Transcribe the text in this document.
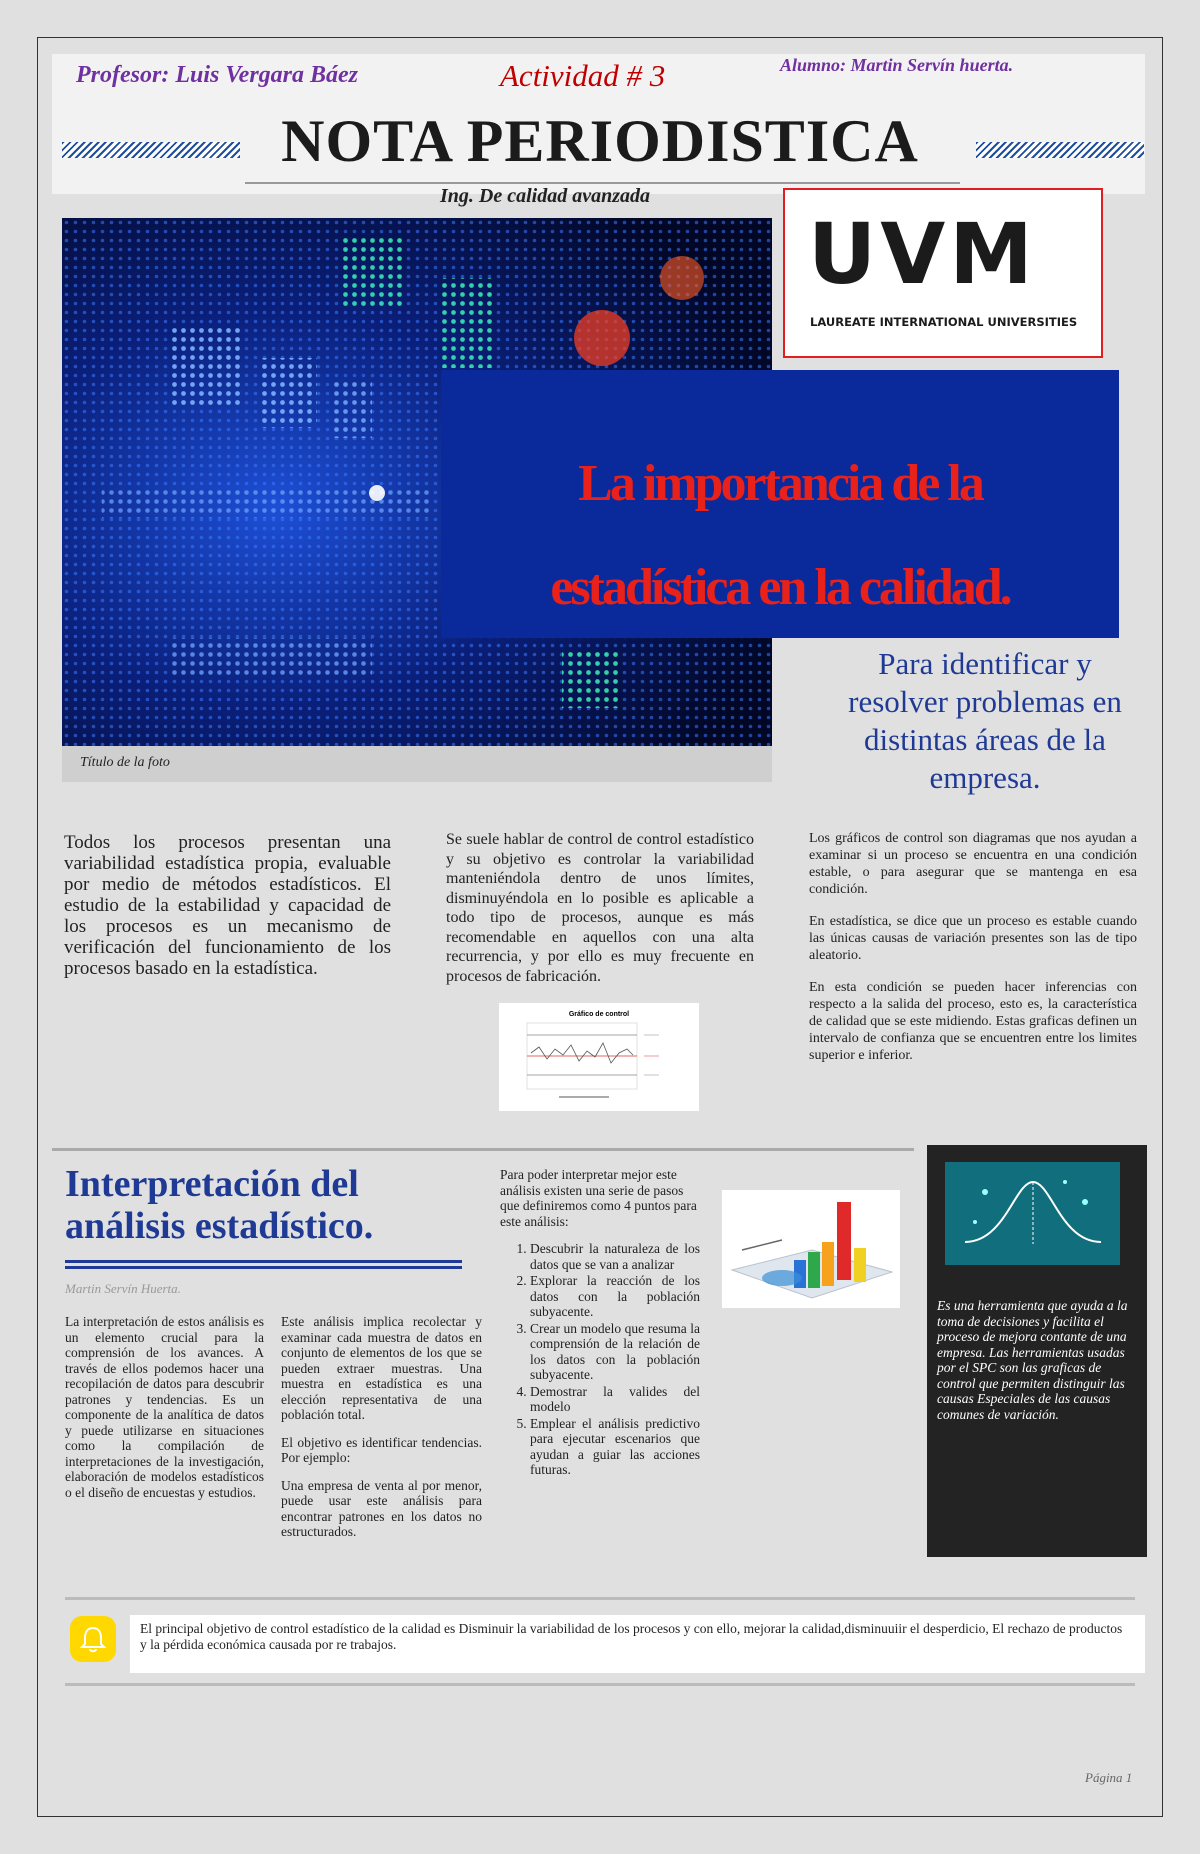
Profesor: Luis Vergara Báez	Actividad # 3	Alumno: Martin Servín huerta.
NOTA PERIODISTICA
Ing. De calidad avanzada
Título de la foto
UVM
LAUREATE INTERNATIONAL UNIVERSITIES
La importancia de la
estadística en la calidad.
Para identificar y resolver problemas en distintas áreas de la empresa.
Todos los procesos presentan una variabilidad estadística propia, evaluable por medio de métodos estadísticos. El estudio de la estabilidad y capacidad de los procesos es un mecanismo de verificación del funcionamiento de los procesos basado en la estadística.
Se suele hablar de control de control estadístico y su objetivo es controlar la variabilidad manteniéndola dentro de unos límites, disminuyéndola en lo posible es aplicable a todo tipo de procesos, aunque es más recomendable en aquellos con una alta recurrencia, y por ello es muy frecuente en procesos de fabricación.

Los gráficos de control son diagramas que nos ayudan a examinar si un proceso se encuentra en una condición estable, o para asegurar que se mantenga en esa condición.

En estadística, se dice que un proceso es estable cuando las únicas causas de variación presentes son las de tipo aleatorio.

En esta condición se pueden hacer inferencias con respecto a la salida del proceso, esto es, la característica de calidad que se este midiendo. Estas graficas definen un intervalo de confianza que se encuentren entre los limites superior e inferior.

Gráfico de control
Interpretación del análisis estadístico.
Martin Servín Huerta.
La interpretación de estos análisis es un elemento crucial para la comprensión de los avances. A través de ellos podemos hacer una recopilación de datos para descubrir patrones y tendencias. Es un componente de la analítica de datos y puede utilizarse en situaciones como la compilación de interpretaciones de la investigación, elaboración de modelos estadísticos o el diseño de encuestas y estudios.

Este análisis implica recolectar y examinar cada muestra de datos en conjunto de elementos de los que se pueden extraer muestras. Una muestra en estadística es una elección representativa de una población total.

El objetivo es identificar tendencias. Por ejemplo:

Una empresa de venta al por menor, puede usar este análisis para encontrar patrones en los datos no estructurados.

Para poder interpretar mejor este análisis existen una serie de pasos que definiremos como 4 puntos para este análisis:
1. Descubrir la naturaleza de los datos que se van a analizar
2. Explorar la reacción de los datos con la población subyacente.
3. Crear un modelo que resuma la comprensión de la relación de los datos con la población subyacente.
4. Demostrar la valides del modelo
5. Emplear el análisis predictivo para ejecutar escenarios que ayudan a guiar las acciones futuras.
Es una herramienta que ayuda a la toma de decisiones y facilita el proceso de mejora contante de una empresa. Las herramientas usadas por el SPC son las graficas de control que permiten distinguir las causas Especiales de las causas comunes de variación.
El principal objetivo de control estadístico de la calidad es Disminuir la variabilidad de los procesos y con ello, mejorar la calidad,disminuuiir el desperdicio, El rechazo de productos y la pérdida económica causada por re trabajos.
Página 1
